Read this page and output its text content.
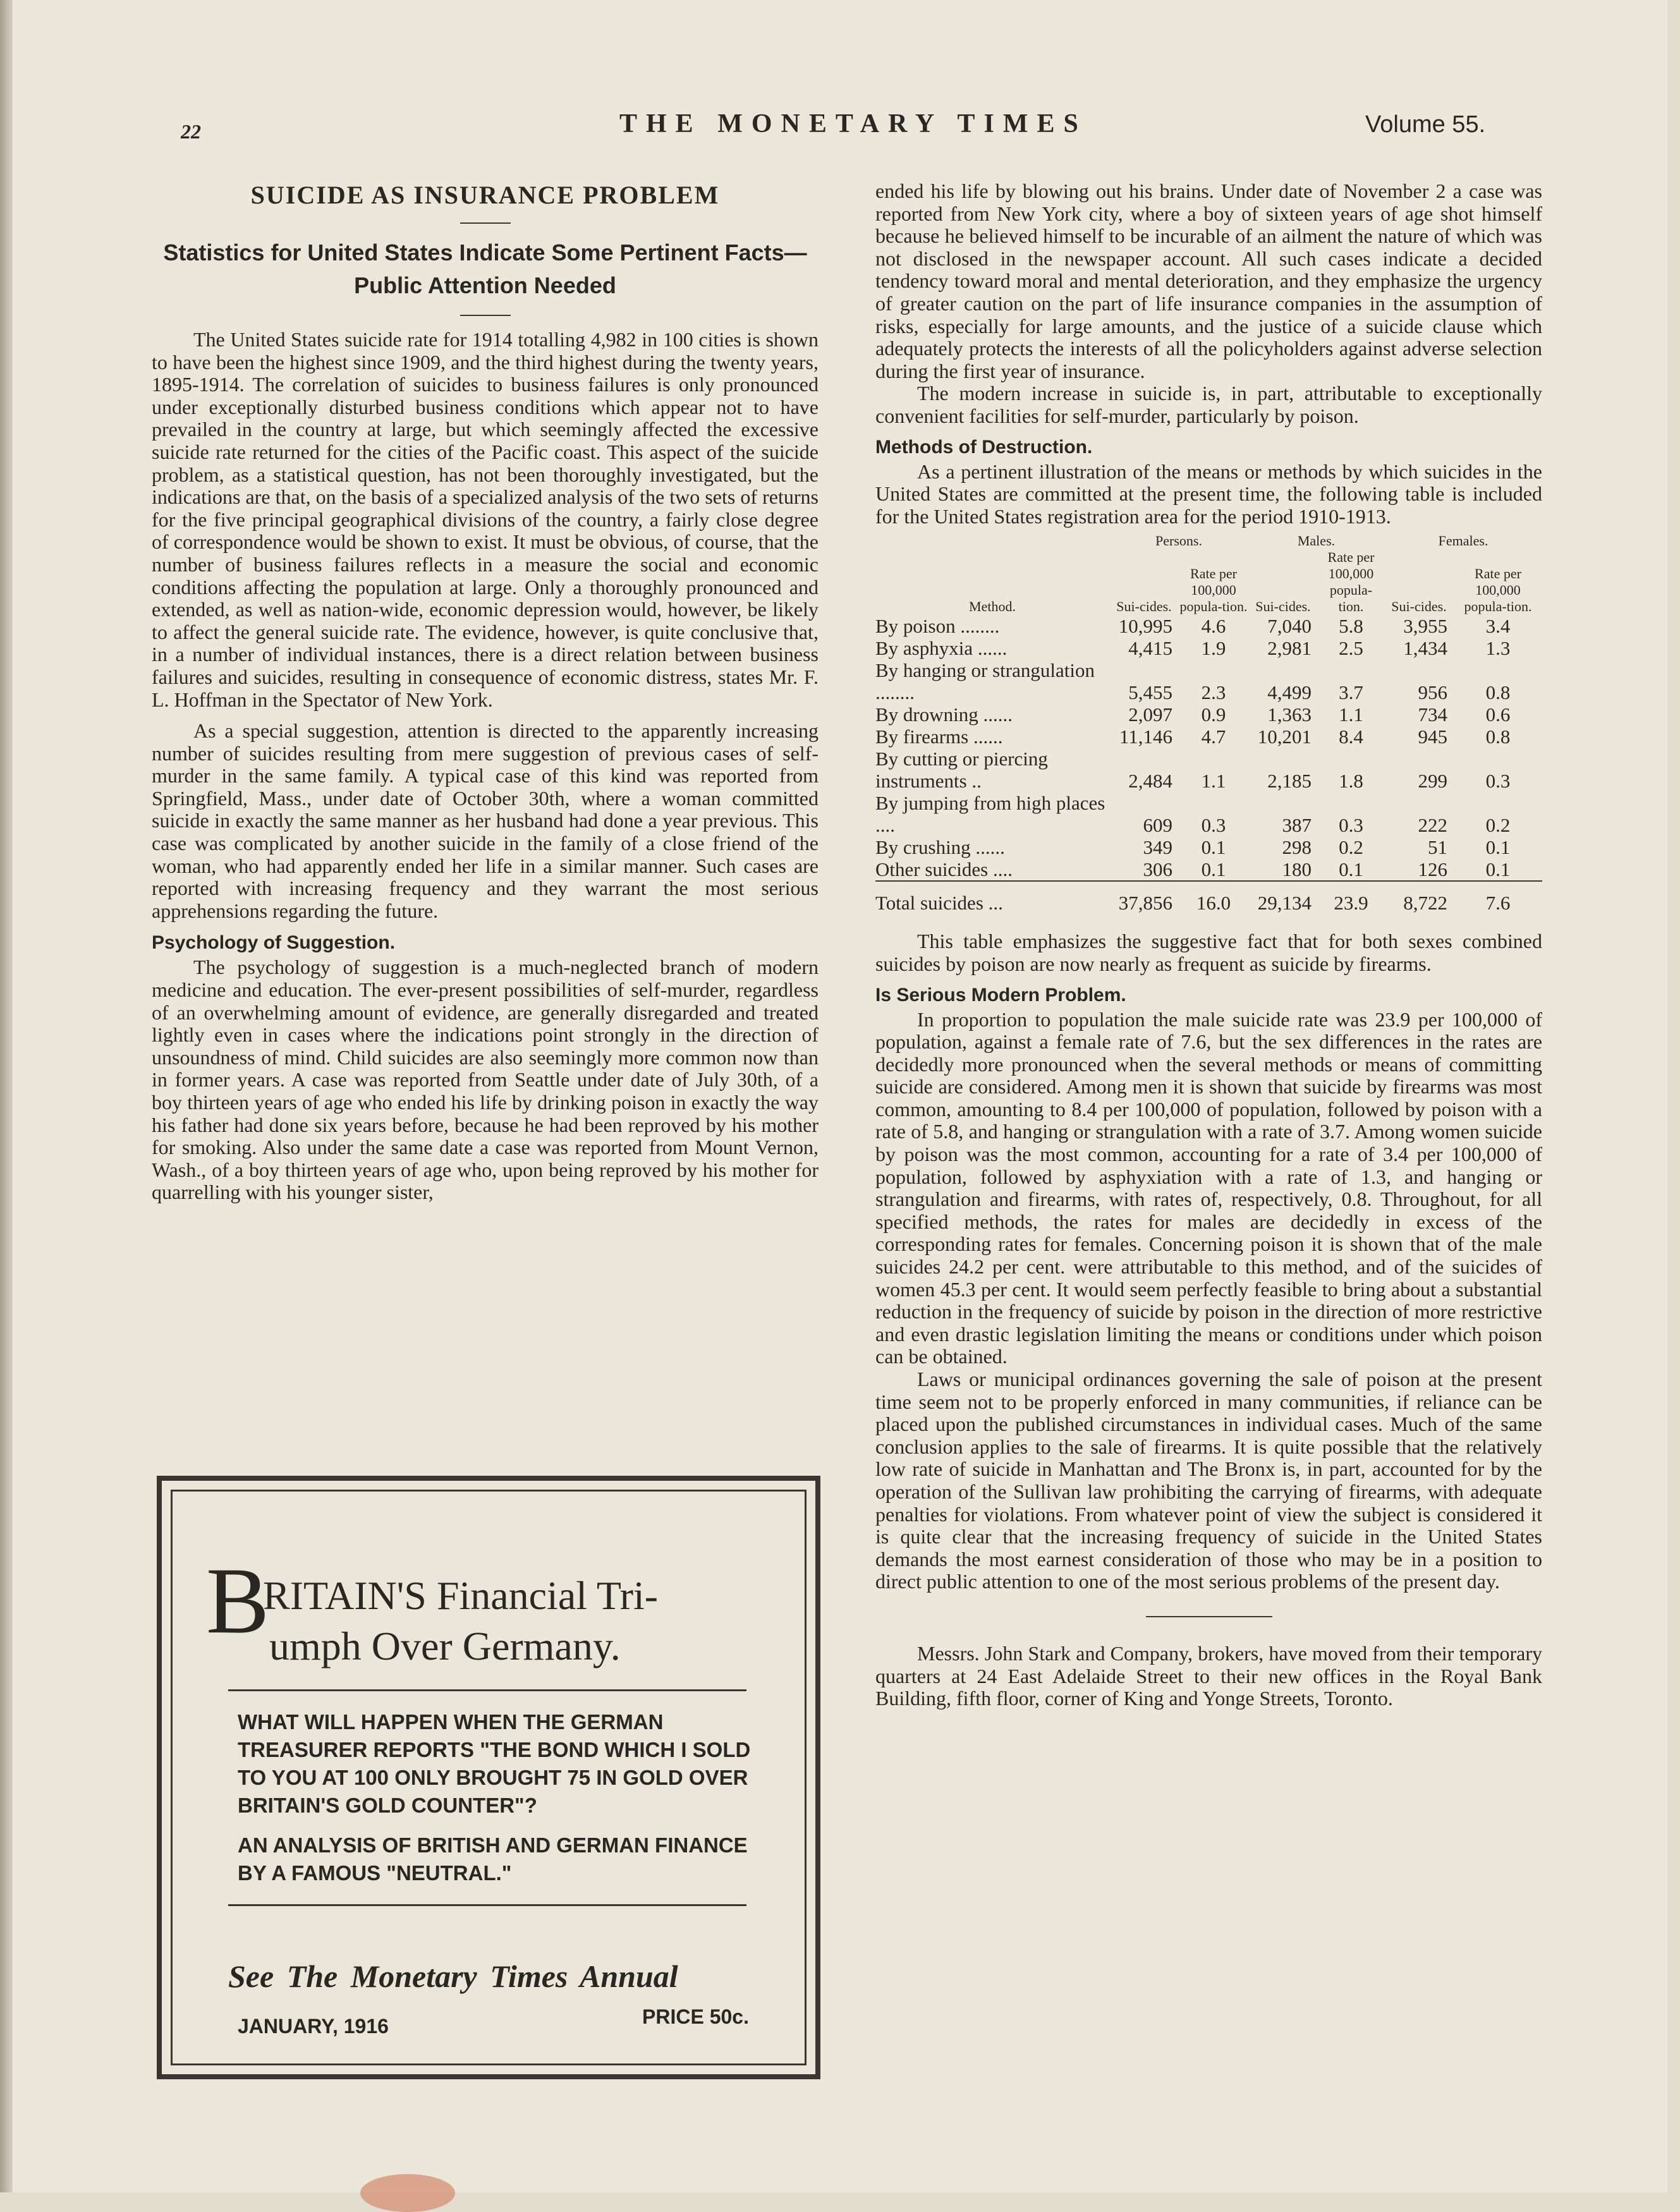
22	THE MONETARY TIMES	Volume 55.
SUICIDE AS INSURANCE PROBLEM
Statistics for United States Indicate Some Pertinent Facts—Public Attention Needed

The United States suicide rate for 1914 totalling 4,982 in 100 cities is shown to have been the highest since 1909, and the third highest during the twenty years, 1895-1914. The correlation of suicides to business failures is only pronounced under exceptionally disturbed business conditions which appear not to have prevailed in the country at large, but which seemingly affected the excessive suicide rate returned for the cities of the Pacific coast. This aspect of the suicide problem, as a statistical question, has not been thoroughly investigated, but the indications are that, on the basis of a specialized analysis of the two sets of returns for the five principal geographical divisions of the country, a fairly close degree of correspondence would be shown to exist. It must be obvious, of course, that the number of business failures reflects in a measure the social and economic conditions affecting the population at large. Only a thoroughly pronounced and extended, as well as nation-wide, economic depression would, however, be likely to affect the general suicide rate. The evidence, however, is quite conclusive that, in a number of individual instances, there is a direct relation between business failures and suicides, resulting in consequence of economic distress, states Mr. F. L. Hoffman in the Spectator of New York.

As a special suggestion, attention is directed to the apparently increasing number of suicides resulting from mere suggestion of previous cases of self-murder in the same family. A typical case of this kind was reported from Springfield, Mass., under date of October 30th, where a woman committed suicide in exactly the same manner as her husband had done a year previous. This case was complicated by another suicide in the family of a close friend of the woman, who had apparently ended her life in a similar manner. Such cases are reported with increasing frequency and they warrant the most serious apprehensions regarding the future.

Psychology of Suggestion.

The psychology of suggestion is a much-neglected branch of modern medicine and education. The ever-present possibilities of self-murder, regardless of an overwhelming amount of evidence, are generally disregarded and treated lightly even in cases where the indications point strongly in the direction of unsoundness of mind. Child suicides are also seemingly more common now than in former years. A case was reported from Seattle under date of July 30th, of a boy thirteen years of age who ended his life by drinking poison in exactly the way his father had done six years before, because he had been reproved by his mother for smoking. Also under the same date a case was reported from Mount Vernon, Wash., of a boy thirteen years of age who, upon being reproved by his mother for quarrelling with his younger sister,

B
RITAIN'S Financial Tri-
umph Over Germany.
WHAT WILL HAPPEN WHEN THE GERMAN TREASURER REPORTS "THE BOND WHICH I SOLD TO YOU AT 100 ONLY BROUGHT 75 IN GOLD OVER BRITAIN'S GOLD COUNTER"?
AN ANALYSIS OF BRITISH AND GERMAN FINANCE BY A FAMOUS "NEUTRAL."
See The Monetary Times Annual
JANUARY, 1916	PRICE 50c.

ended his life by blowing out his brains. Under date of November 2 a case was reported from New York city, where a boy of sixteen years of age shot himself because he believed himself to be incurable of an ailment the nature of which was not disclosed in the newspaper account. All such cases indicate a decided tendency toward moral and mental deterioration, and they emphasize the urgency of greater caution on the part of life insurance companies in the assumption of risks, especially for large amounts, and the justice of a suicide clause which adequately protects the interests of all the policyholders against adverse selection during the first year of insurance.

The modern increase in suicide is, in part, attributable to exceptionally convenient facilities for self-murder, particularly by poison.

Methods of Destruction.

As a pertinent illustration of the means or methods by which suicides in the United States are committed at the present time, the following table is included for the United States registration area for the period 1910-1913.

	Persons.		Males.		Females.	
Method.	Sui-cides.	Rate per 100,000 popula-tion.	Sui-cides.	Rate per 100,000 popula-tion.	Sui-cides.	Rate per 100,000 popula-tion.
By poison ........	10,995	4.6	7,040	5.8	3,955	3.4
By asphyxia ......	4,415	1.9	2,981	2.5	1,434	1.3
By hanging or strangulation ........	5,455	2.3	4,499	3.7	956	0.8
By drowning ......	2,097	0.9	1,363	1.1	734	0.6
By firearms ......	11,146	4.7	10,201	8.4	945	0.8
By cutting or piercing instruments ..	2,484	1.1	2,185	1.8	299	0.3
By jumping from high places ....	609	0.3	387	0.3	222	0.2
By crushing ......	349	0.1	298	0.2	51	0.1
Other suicides ....	306	0.1	180	0.1	126	0.1
Total suicides ...	37,856	16.0	29,134	23.9	8,722	7.6

This table emphasizes the suggestive fact that for both sexes combined suicides by poison are now nearly as frequent as suicide by firearms.

Is Serious Modern Problem.

In proportion to population the male suicide rate was 23.9 per 100,000 of population, against a female rate of 7.6, but the sex differences in the rates are decidedly more pronounced when the several methods or means of committing suicide are considered. Among men it is shown that suicide by firearms was most common, amounting to 8.4 per 100,000 of population, followed by poison with a rate of 5.8, and hanging or strangulation with a rate of 3.7. Among women suicide by poison was the most common, accounting for a rate of 3.4 per 100,000 of population, followed by asphyxiation with a rate of 1.3, and hanging or strangulation and firearms, with rates of, respectively, 0.8. Throughout, for all specified methods, the rates for males are decidedly in excess of the corresponding rates for females. Concerning poison it is shown that of the male suicides 24.2 per cent. were attributable to this method, and of the suicides of women 45.3 per cent. It would seem perfectly feasible to bring about a substantial reduction in the frequency of suicide by poison in the direction of more restrictive and even drastic legislation limiting the means or conditions under which poison can be obtained.

Laws or municipal ordinances governing the sale of poison at the present time seem not to be properly enforced in many communities, if reliance can be placed upon the published circumstances in individual cases. Much of the same conclusion applies to the sale of firearms. It is quite possible that the relatively low rate of suicide in Manhattan and The Bronx is, in part, accounted for by the operation of the Sullivan law prohibiting the carrying of firearms, with adequate penalties for violations. From whatever point of view the subject is considered it is quite clear that the increasing frequency of suicide in the United States demands the most earnest consideration of those who may be in a position to direct public attention to one of the most serious problems of the present day.

Messrs. John Stark and Company, brokers, have moved from their temporary quarters at 24 East Adelaide Street to their new offices in the Royal Bank Building, fifth floor, corner of King and Yonge Streets, Toronto.
